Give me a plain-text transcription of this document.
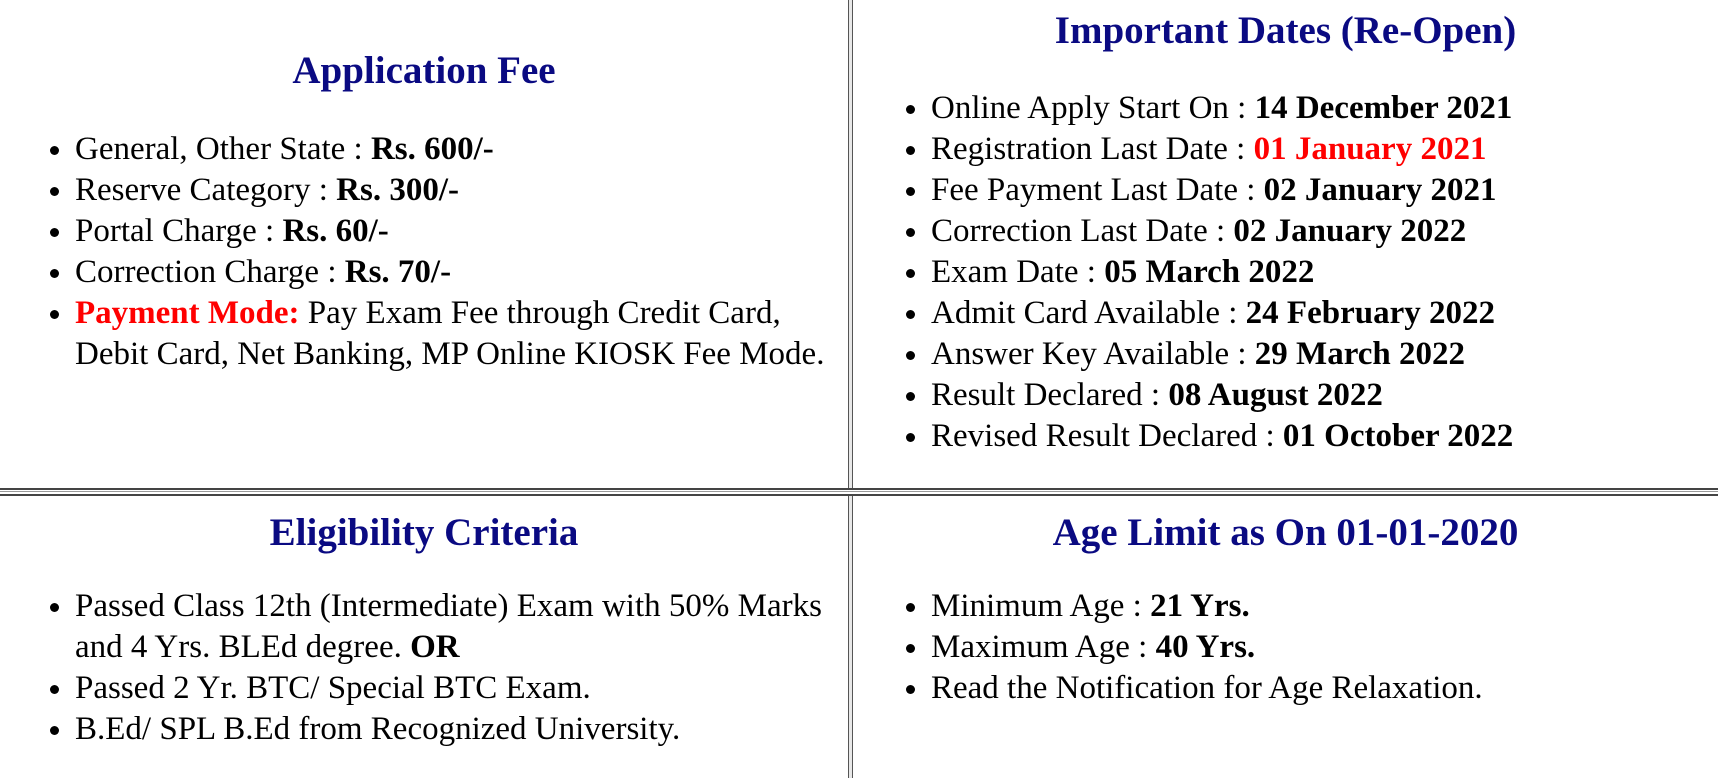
Application Fee
• General, Other State : Rs. 600/-
• Reserve Category : Rs. 300/-
• Portal Charge : Rs. 60/-
• Correction Charge : Rs. 70/-
• Payment Mode: Pay Exam Fee through Credit Card, Debit Card, Net Banking, MP Online KIOSK Fee Mode.
Important Dates (Re-Open)
• Online Apply Start On : 14 December 2021
• Registration Last Date : 01 January 2021
• Fee Payment Last Date : 02 January 2021
• Correction Last Date : 02 January 2022
• Exam Date : 05 March 2022
• Admit Card Available : 24 February 2022
• Answer Key Available : 29 March 2022
• Result Declared : 08 August 2022
• Revised Result Declared : 01 October 2022
Eligibility Criteria
• Passed Class 12th (Intermediate) Exam with 50% Marks and 4 Yrs. BLEd degree. OR
• Passed 2 Yr. BTC/ Special BTC Exam.
• B.Ed/ SPL B.Ed from Recognized University.
Age Limit as On 01-01-2020
• Minimum Age : 21 Yrs.
• Maximum Age : 40 Yrs.
• Read the Notification for Age Relaxation.
